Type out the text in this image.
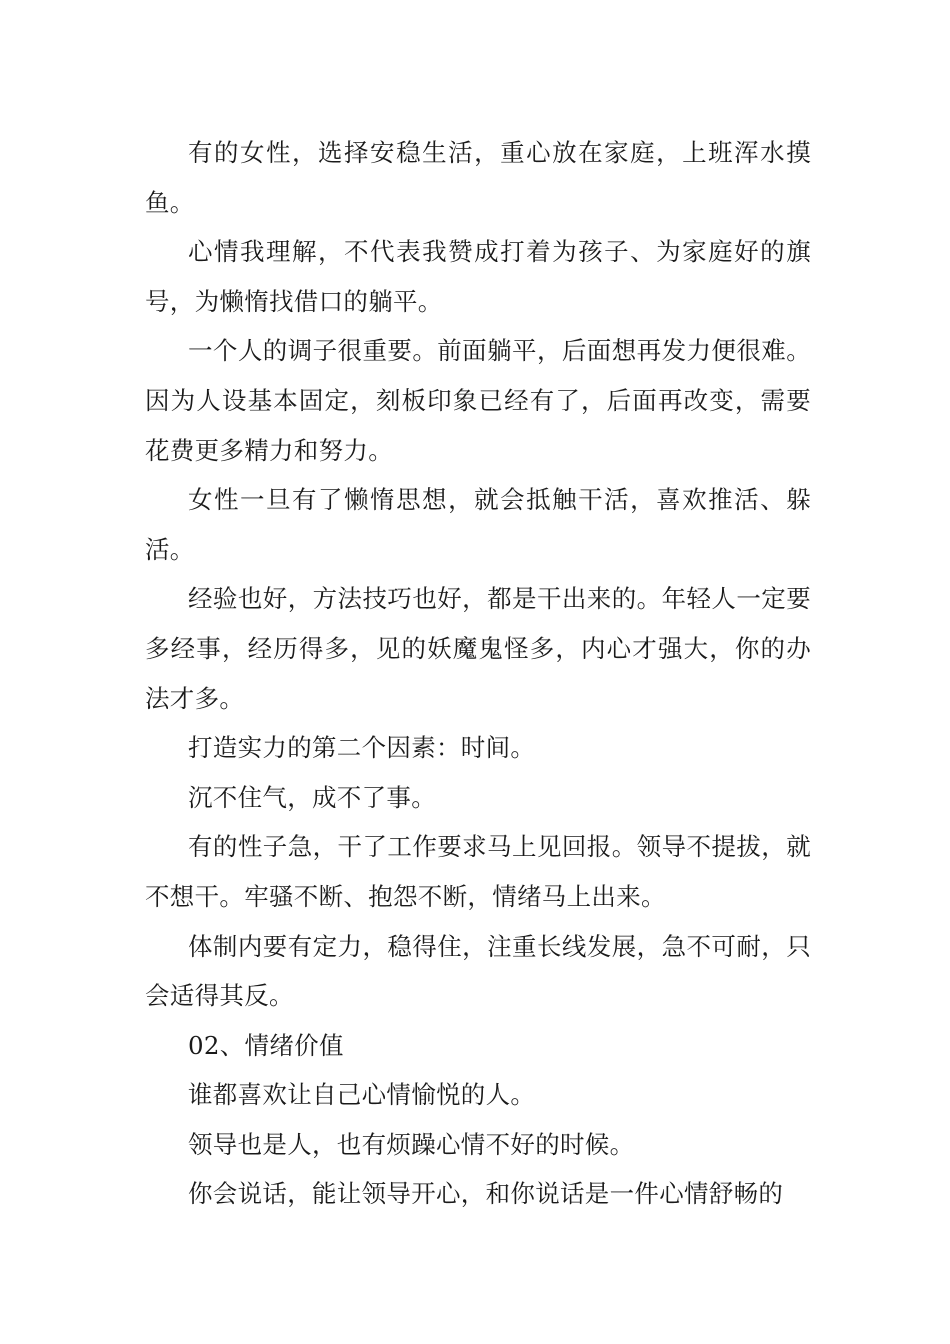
有的女性，选择安稳生活，重心放在家庭，上班浑水摸鱼。

心情我理解，不代表我赞成打着为孩子、为家庭好的旗号，为懒惰找借口的躺平。

一个人的调子很重要。前面躺平，后面想再发力便很难。因为人设基本固定，刻板印象已经有了，后面再改变，需要花费更多精力和努力。

女性一旦有了懒惰思想，就会抵触干活，喜欢推活、躲活。

经验也好，方法技巧也好，都是干出来的。年轻人一定要多经事，经历得多，见的妖魔鬼怪多，内心才强大，你的办法才多。

打造实力的第二个因素：时间。

沉不住气，成不了事。

有的性子急，干了工作要求马上见回报。领导不提拔，就不想干。牢骚不断、抱怨不断，情绪马上出来。

体制内要有定力，稳得住，注重长线发展，急不可耐，只会适得其反。

02、情绪价值

谁都喜欢让自己心情愉悦的人。

领导也是人，也有烦躁心情不好的时候。

你会说话，能让领导开心，和你说话是一件心情舒畅的
